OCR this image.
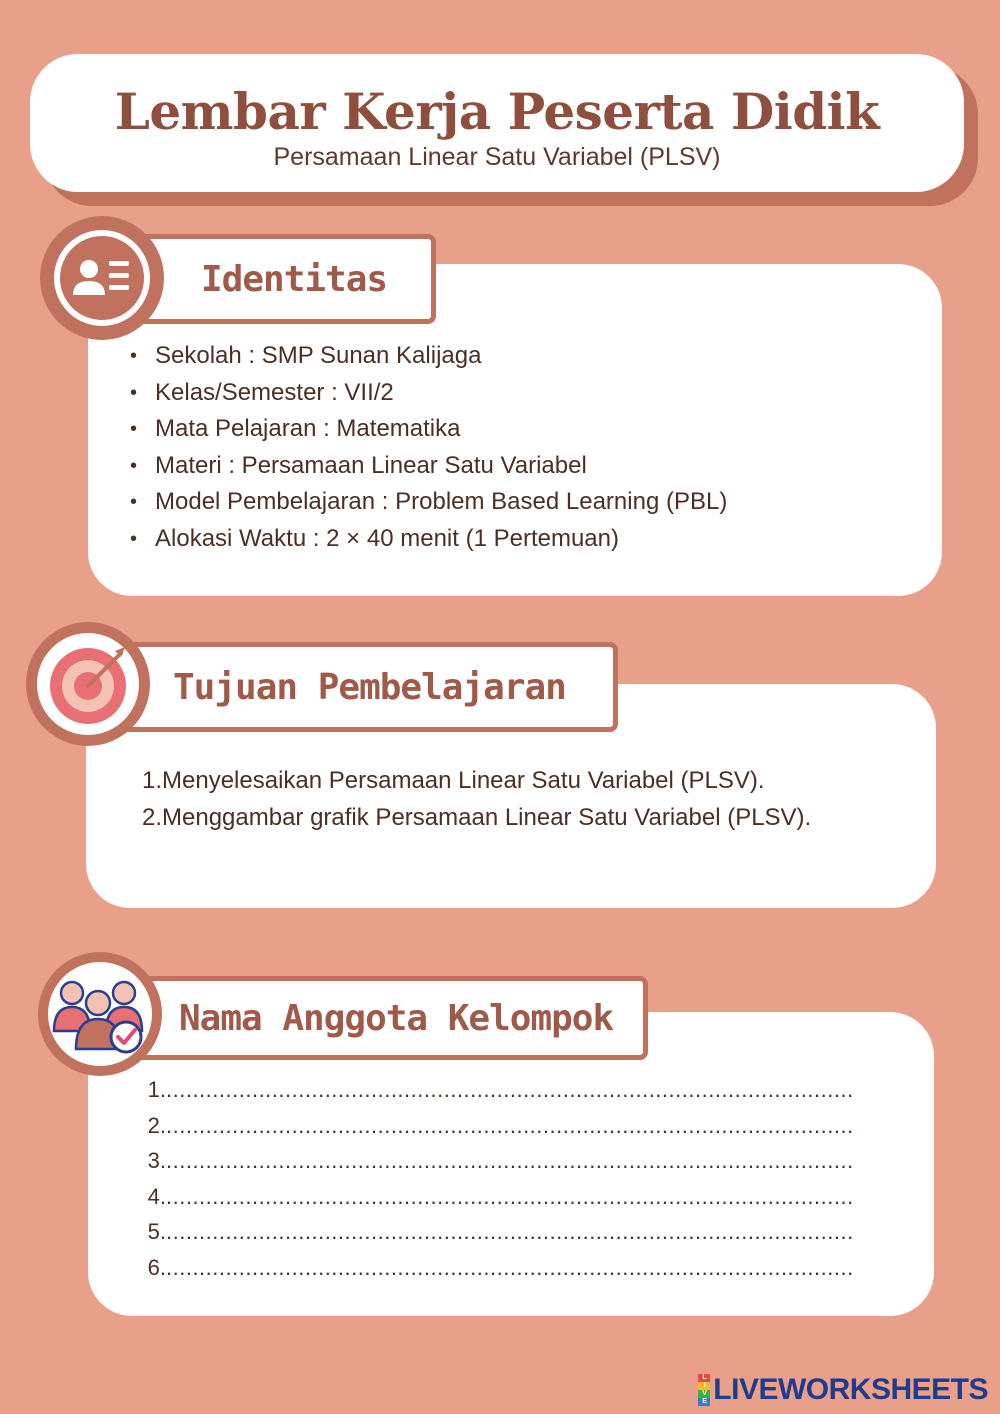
Lembar Kerja Peserta Didik
Persamaan Linear Satu Variabel (PLSV)
Identitas
• Sekolah : SMP Sunan Kalijaga
• Kelas/Semester : VII/2
• Mata Pelajaran : Matematika
• Materi : Persamaan Linear Satu Variabel
• Model Pembelajaran : Problem Based Learning (PBL)
• Alokasi Waktu : 2 × 40 menit (1 Pertemuan)
Tujuan Pembelajaran
1. Menyelesaikan Persamaan Linear Satu Variabel (PLSV).
2. Menggambar grafik Persamaan Linear Satu Variabel (PLSV).
Nama Anggota Kelompok
1. ........................................................................................................
2. ........................................................................................................
3. ........................................................................................................
4. ........................................................................................................
5. ........................................................................................................
6. ........................................................................................................
L
I
V
E LIVEWORKSHEETS
